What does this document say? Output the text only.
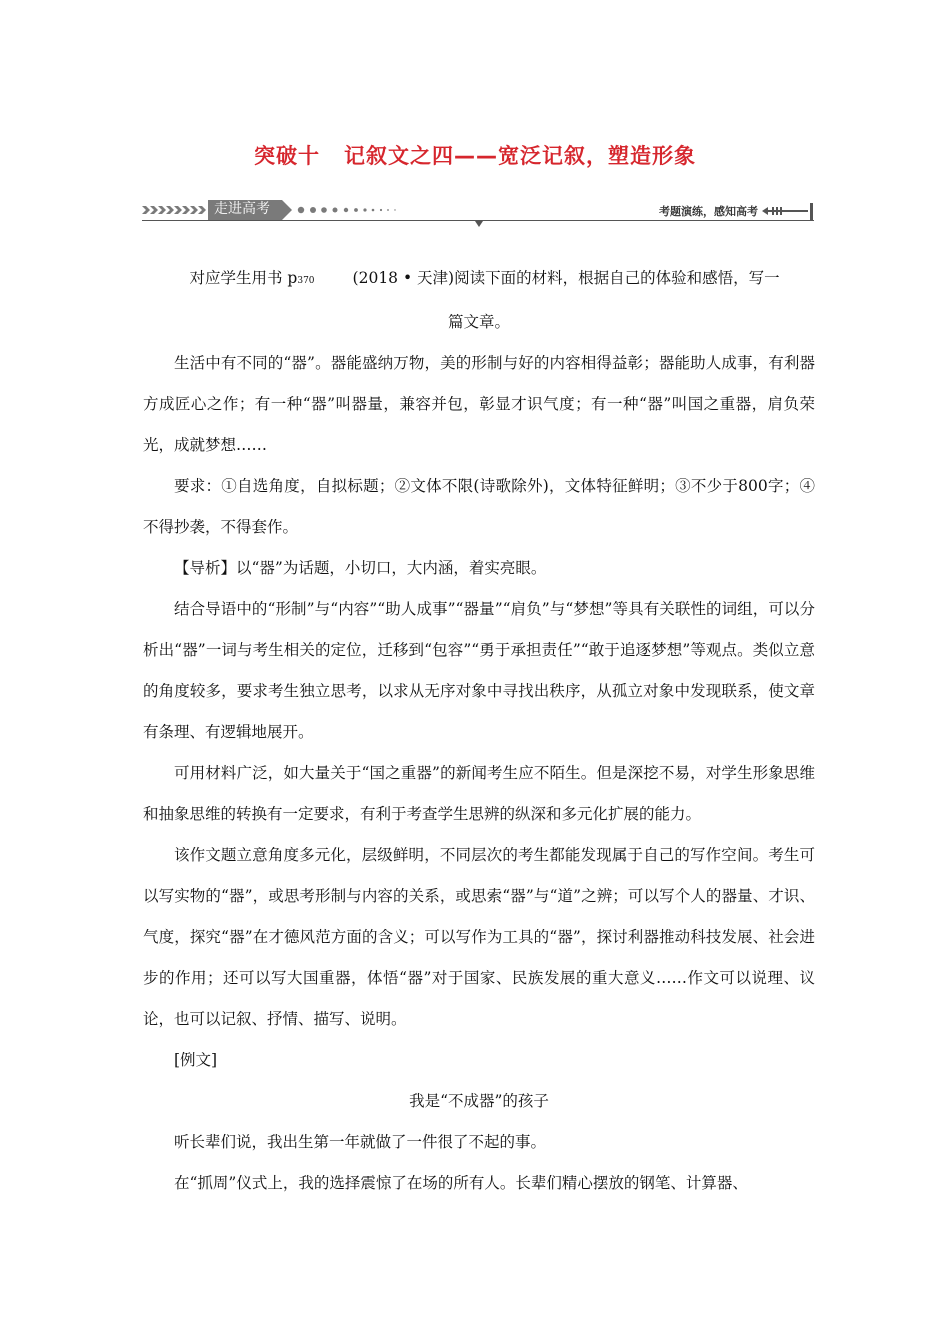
突破十 记叙文之四——宽泛记叙，塑造形象
走进高考	考题演练，感知高考

对应学生用书 p370 (2018 • 天津)阅读下面的材料，根据自己的体验和感悟，写一

篇文章。

生活中有不同的“器”。器能盛纳万物，美的形制与好的内容相得益彰；器能助人成事，有利器方成匠心之作；有一种“器”叫器量，兼容并包，彰显才识气度；有一种“器”叫国之重器，肩负荣光，成就梦想……

要求：①自选角度，自拟标题；②文体不限(诗歌除外)，文体特征鲜明；③不少于800字；④不得抄袭，不得套作。

【导析】以“器”为话题，小切口，大内涵，着实亮眼。

结合导语中的“形制”与“内容”“助人成事”“器量”“肩负”与“梦想”等具有关联性的词组，可以分析出“器”一词与考生相关的定位，迁移到“包容”“勇于承担责任”“敢于追逐梦想”等观点。类似立意的角度较多，要求考生独立思考，以求从无序对象中寻找出秩序，从孤立对象中发现联系，使文章有条理、有逻辑地展开。

可用材料广泛，如大量关于“国之重器”的新闻考生应不陌生。但是深挖不易，对学生形象思维和抽象思维的转换有一定要求，有利于考查学生思辨的纵深和多元化扩展的能力。

该作文题立意角度多元化，层级鲜明，不同层次的考生都能发现属于自己的写作空间。考生可以写实物的“器”，或思考形制与内容的关系，或思索“器”与“道”之辨；可以写个人的器量、才识、气度，探究“器”在才德风范方面的含义；可以写作为工具的“器”，探讨利器推动科技发展、社会进步的作用；还可以写大国重器，体悟“器”对于国家、民族发展的重大意义……作文可以说理、议论，也可以记叙、抒情、描写、说明。

[例文]

我是“不成器”的孩子

听长辈们说，我出生第一年就做了一件很了不起的事。

在“抓周”仪式上，我的选择震惊了在场的所有人。长辈们精心摆放的钢笔、计算器、
